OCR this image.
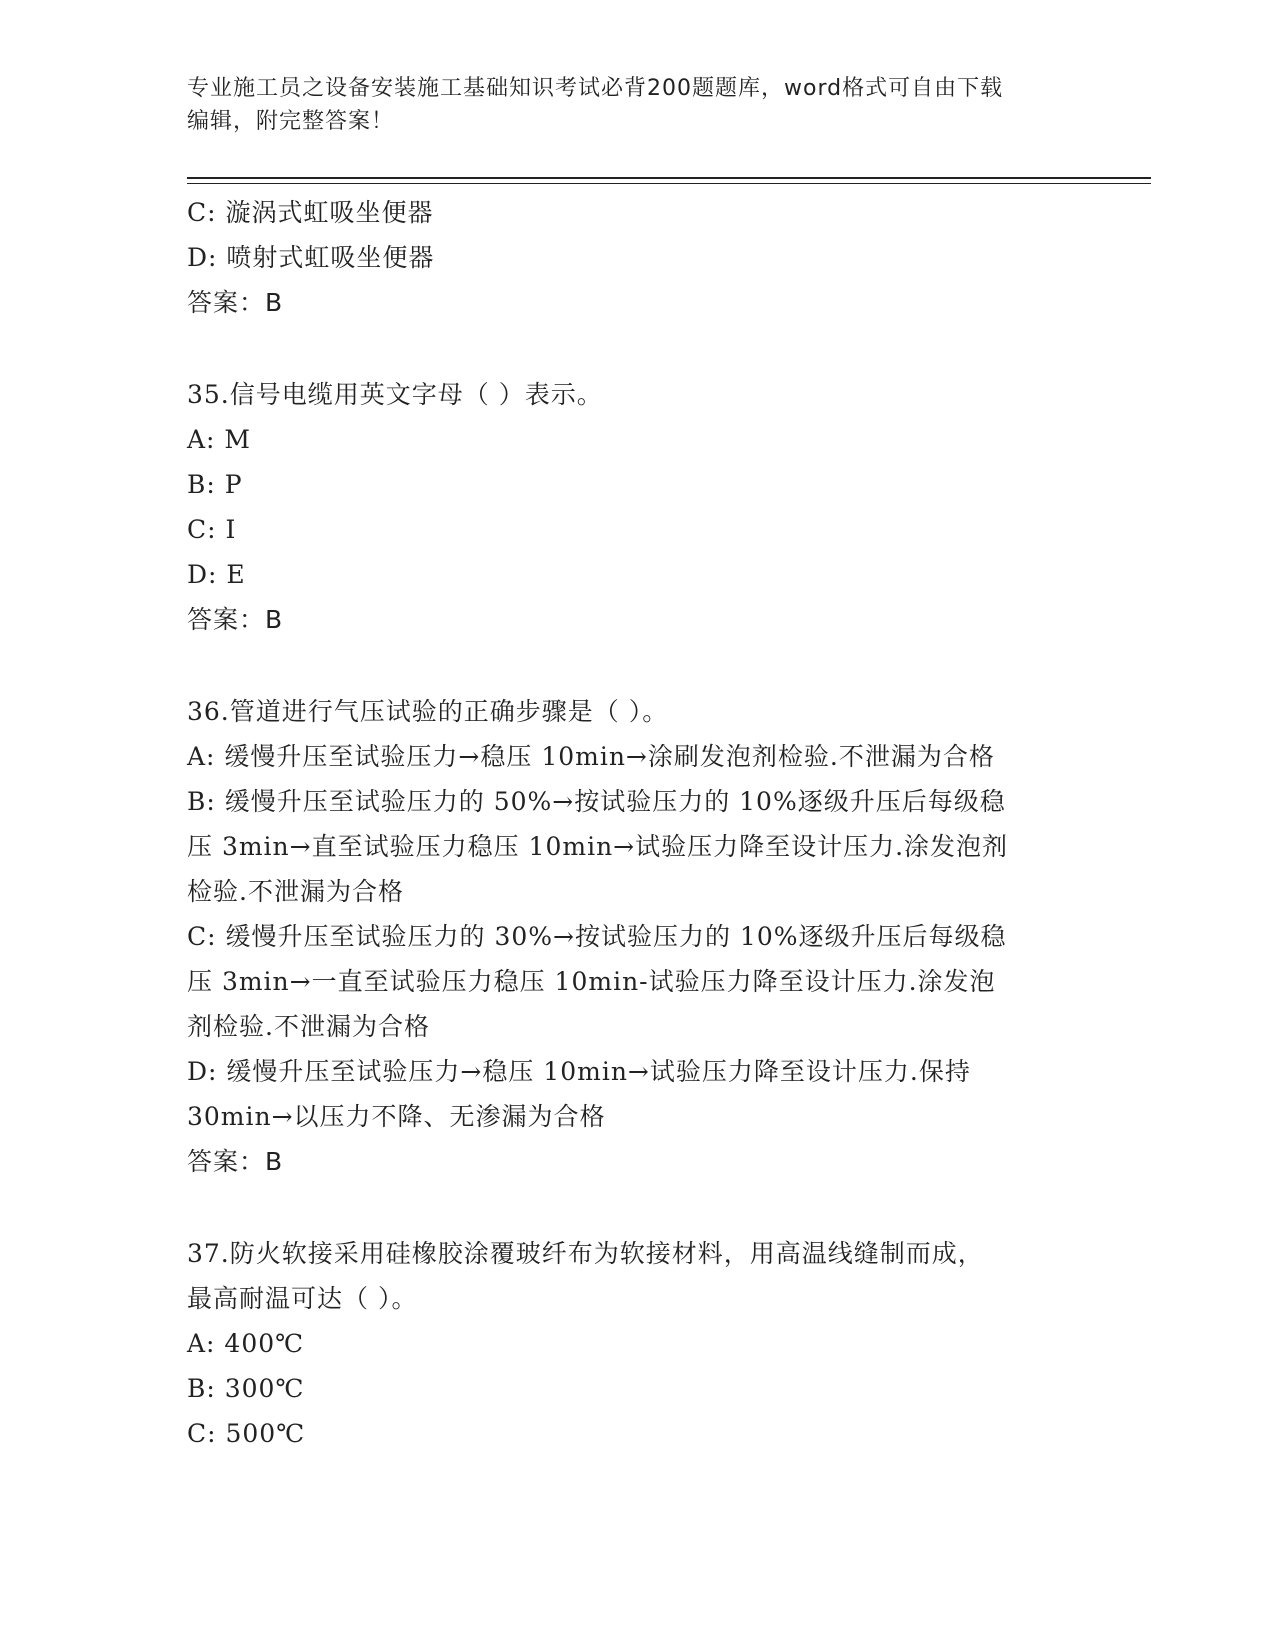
专业施工员之设备安装施工基础知识考试必背200题题库，word格式可自由下载
编辑，附完整答案！
C: 漩涡式虹吸坐便器
D: 喷射式虹吸坐便器
答案：B
35.信号电缆用英文字母（ ）表示。
A: M
B: P
C: I
D: E
答案：B
36.管道进行气压试验的正确步骤是（ ）。
A: 缓慢升压至试验压力→稳压 10min→涂刷发泡剂检验.不泄漏为合格
B: 缓慢升压至试验压力的 50%→按试验压力的 10%逐级升压后每级稳
压 3min→直至试验压力稳压 10min→试验压力降至设计压力.涂发泡剂
检验.不泄漏为合格
C: 缓慢升压至试验压力的 30%→按试验压力的 10%逐级升压后每级稳
压 3min→一直至试验压力稳压 10min-试验压力降至设计压力.涂发泡
剂检验.不泄漏为合格
D: 缓慢升压至试验压力→稳压 10min→试验压力降至设计压力.保持
30min→以压力不降、无渗漏为合格
答案：B
37.防火软接采用硅橡胶涂覆玻纤布为软接材料，用高温线缝制而成，
最高耐温可达（ ）。
A: 400℃
B: 300℃
C: 500℃
